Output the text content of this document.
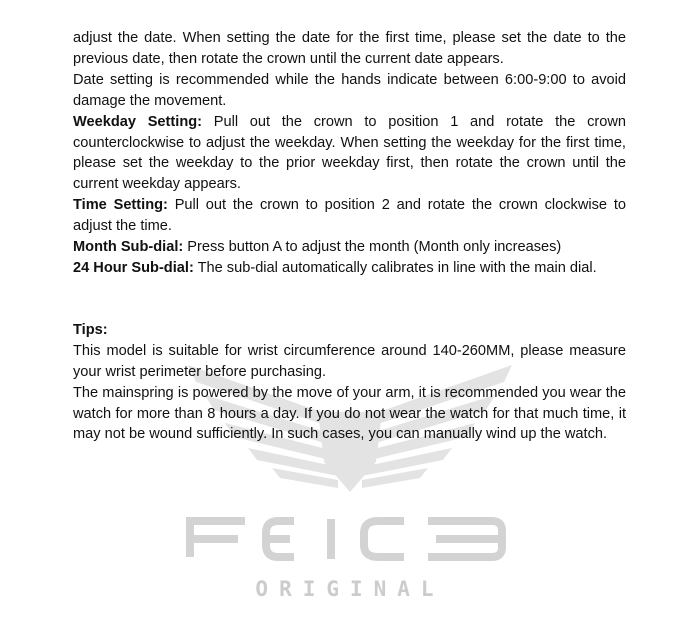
ORIGINAL

adjust the date. When setting the date for the first time, please set the date to the previous date, then rotate the crown until the current date appears.

Date setting is recommended while the hands indicate between 6:00-9:00 to avoid damage the movement.

Weekday Setting: Pull out the crown to position 1 and rotate the crown counterclockwise to adjust the weekday. When setting the weekday for the first time, please set the weekday to the prior weekday first, then rotate the crown until the current weekday appears.

Time Setting: Pull out the crown to position 2 and rotate the crown clockwise to adjust the time.

Month Sub-dial: Press button A to adjust the month (Month only increases)

24 Hour Sub-dial: The sub-dial automatically calibrates in line with the main dial.

Tips:

This model is suitable for wrist circumference around 140-260MM, please measure your wrist perimeter before purchasing.

The mainspring is powered by the move of your arm, it is recommended you wear the watch for more than 8 hours a day. If you do not wear the watch for that much time, it may not be wound sufficiently. In such cases, you can manually wind up the watch.
